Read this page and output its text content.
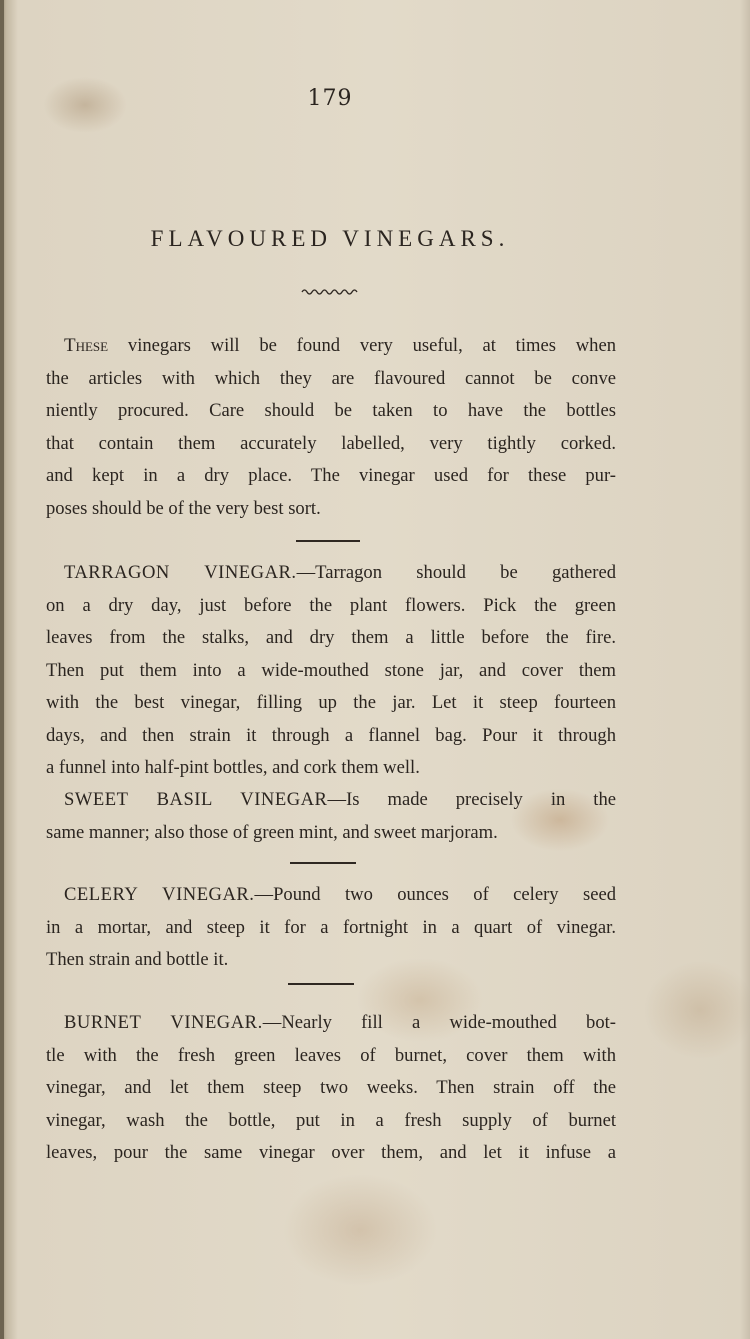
179
FLAVOURED VINEGARS.
These vinegars will be found very useful, at times when
the articles with which they are flavoured cannot be conve
niently procured. Care should be taken to have the bottles
that contain them accurately labelled, very tightly corked.
and kept in a dry place. The vinegar used for these pur-
poses should be of the very best sort.
TARRAGON VINEGAR.—Tarragon should be gathered
on a dry day, just before the plant flowers. Pick the green
leaves from the stalks, and dry them a little before the fire.
Then put them into a wide-mouthed stone jar, and cover them
with the best vinegar, filling up the jar. Let it steep fourteen
days, and then strain it through a flannel bag. Pour it through
a funnel into half-pint bottles, and cork them well.
SWEET BASIL VINEGAR—Is made precisely in the
same manner; also those of green mint, and sweet marjoram.
CELERY VINEGAR.—Pound two ounces of celery seed
in a mortar, and steep it for a fortnight in a quart of vinegar.
Then strain and bottle it.
BURNET VINEGAR.—Nearly fill a wide-mouthed bot-
tle with the fresh green leaves of burnet, cover them with
vinegar, and let them steep two weeks. Then strain off the
vinegar, wash the bottle, put in a fresh supply of burnet
leaves, pour the same vinegar over them, and let it infuse a
